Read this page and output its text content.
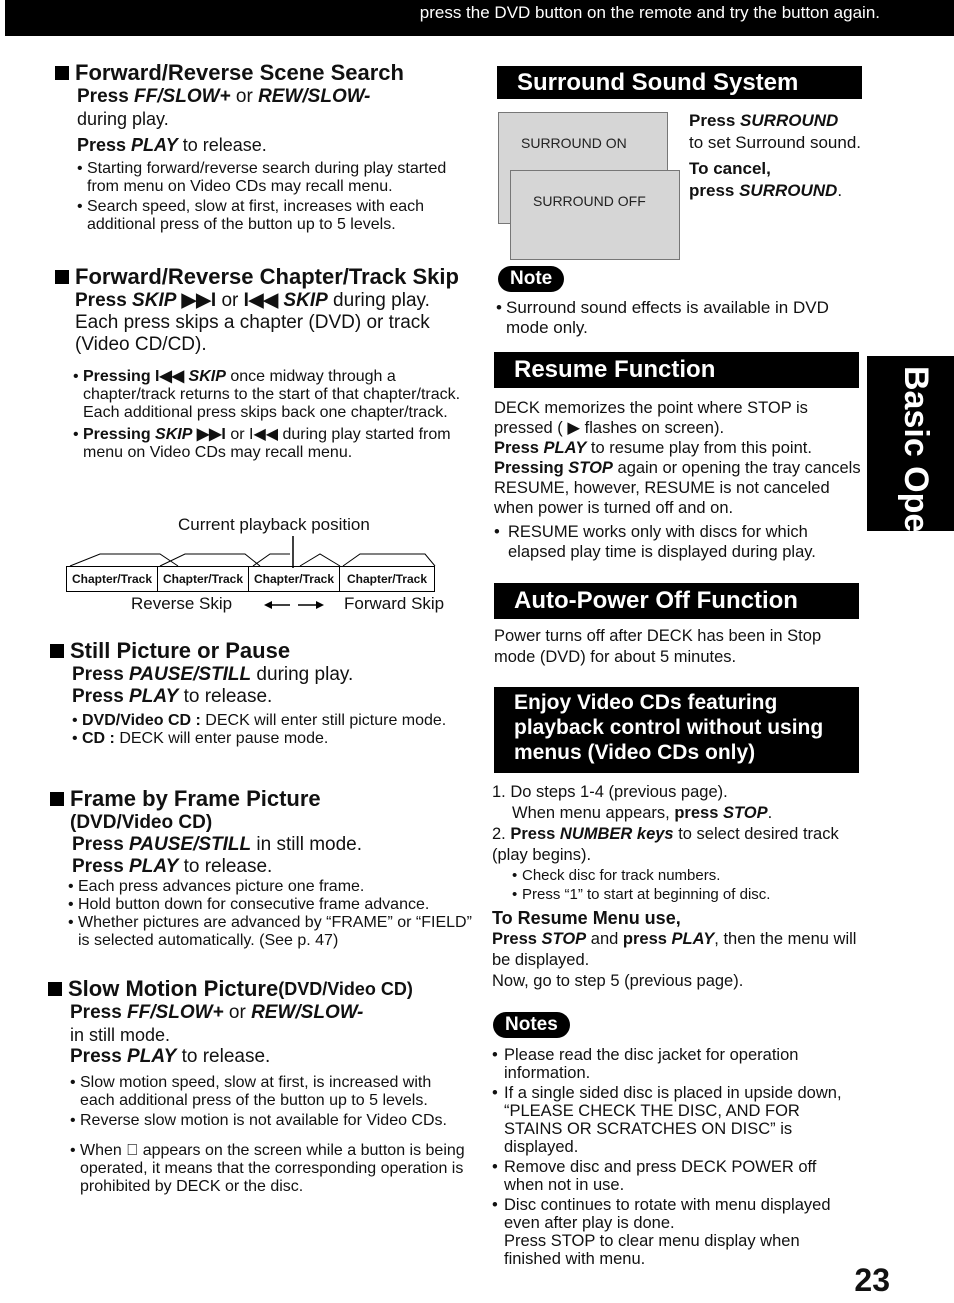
press the DVD button on the remote and try the button again.
Basic Operation
Forward/Reverse Scene Search
Press FF/SLOW+ or REW/SLOW-
during play.
Press PLAY to release.
• Starting forward/reverse search during play started from menu on Video CDs may recall menu.
• Search speed, slow at first, increases with each additional press of the button up to 5 levels.
Forward/Reverse Chapter/Track Skip
Press SKIP ▶▶I or I◀◀ SKIP during play.
Each press skips a chapter (DVD) or track (Video CD/CD).
• Pressing I◀◀ SKIP once midway through a chapter/track returns to the start of that chapter/track. Each additional press skips back one chapter/track.
• Pressing SKIP ▶▶I or I◀◀ during play started from menu on Video CDs may recall menu.
Current playback position
Chapter/Track Chapter/Track Chapter/Track	Chapter/Track
Reverse Skip	Forward Skip
Still Picture or Pause
Press PAUSE/STILL during play.
Press PLAY to release.
• DVD/Video CD : DECK will enter still picture mode.
• CD : DECK will enter pause mode.
Frame by Frame Picture
(DVD/Video CD)
Press PAUSE/STILL in still mode.
Press PLAY to release.
• Each press advances picture one frame.
• Hold button down for consecutive frame advance.
• Whether pictures are advanced by “FRAME” or “FIELD” is selected automatically. (See p. 47)
Slow Motion Picture (DVD/Video CD)
Press FF/SLOW+ or REW/SLOW-
in still mode.
Press PLAY to release.
• Slow motion speed, slow at first, is increased with each additional press of the button up to 5 levels.
• Reverse slow motion is not available for Video CDs.
• When ⃠ appears on the screen while a button is being operated, it means that the corresponding operation is prohibited by DECK or the disc.
Surround Sound System
SURROUND ON
SURROUND OFF
Press SURROUND
to set Surround sound.
To cancel,
press SURROUND.
Note
• Surround sound effects is available in DVD mode only.
Resume Function
DECK memorizes the point where STOP is pressed ( ▶ flashes on screen).
Press PLAY to resume play from this point.
Pressing STOP again or opening the tray cancels RESUME, however, RESUME is not canceled when power is turned off and on.
• RESUME works only with discs for which elapsed play time is displayed during play.
Auto-Power Off Function
Power turns off after DECK has been in Stop mode (DVD) for about 5 minutes.
Enjoy Video CDs featuring playback control without using menus (Video CDs only)
1. Do steps 1-4 (previous page).
When menu appears, press STOP.
2. Press NUMBER keys to select desired track (play begins).
• Check disc for track numbers.
• Press “1” to start at beginning of disc.
To Resume Menu use,
Press STOP and press PLAY, then the menu will be displayed.
Now, go to step 5 (previous page).
Notes
• Please read the disc jacket for operation information.
• If a single sided disc is placed in upside down, “PLEASE CHECK THE DISC, AND FOR STAINS OR SCRATCHES ON DISC” is displayed.
• Remove disc and press DECK POWER off when not in use.
• Disc continues to rotate with menu displayed even after play is done.
Press STOP to clear menu display when finished with menu.
23
